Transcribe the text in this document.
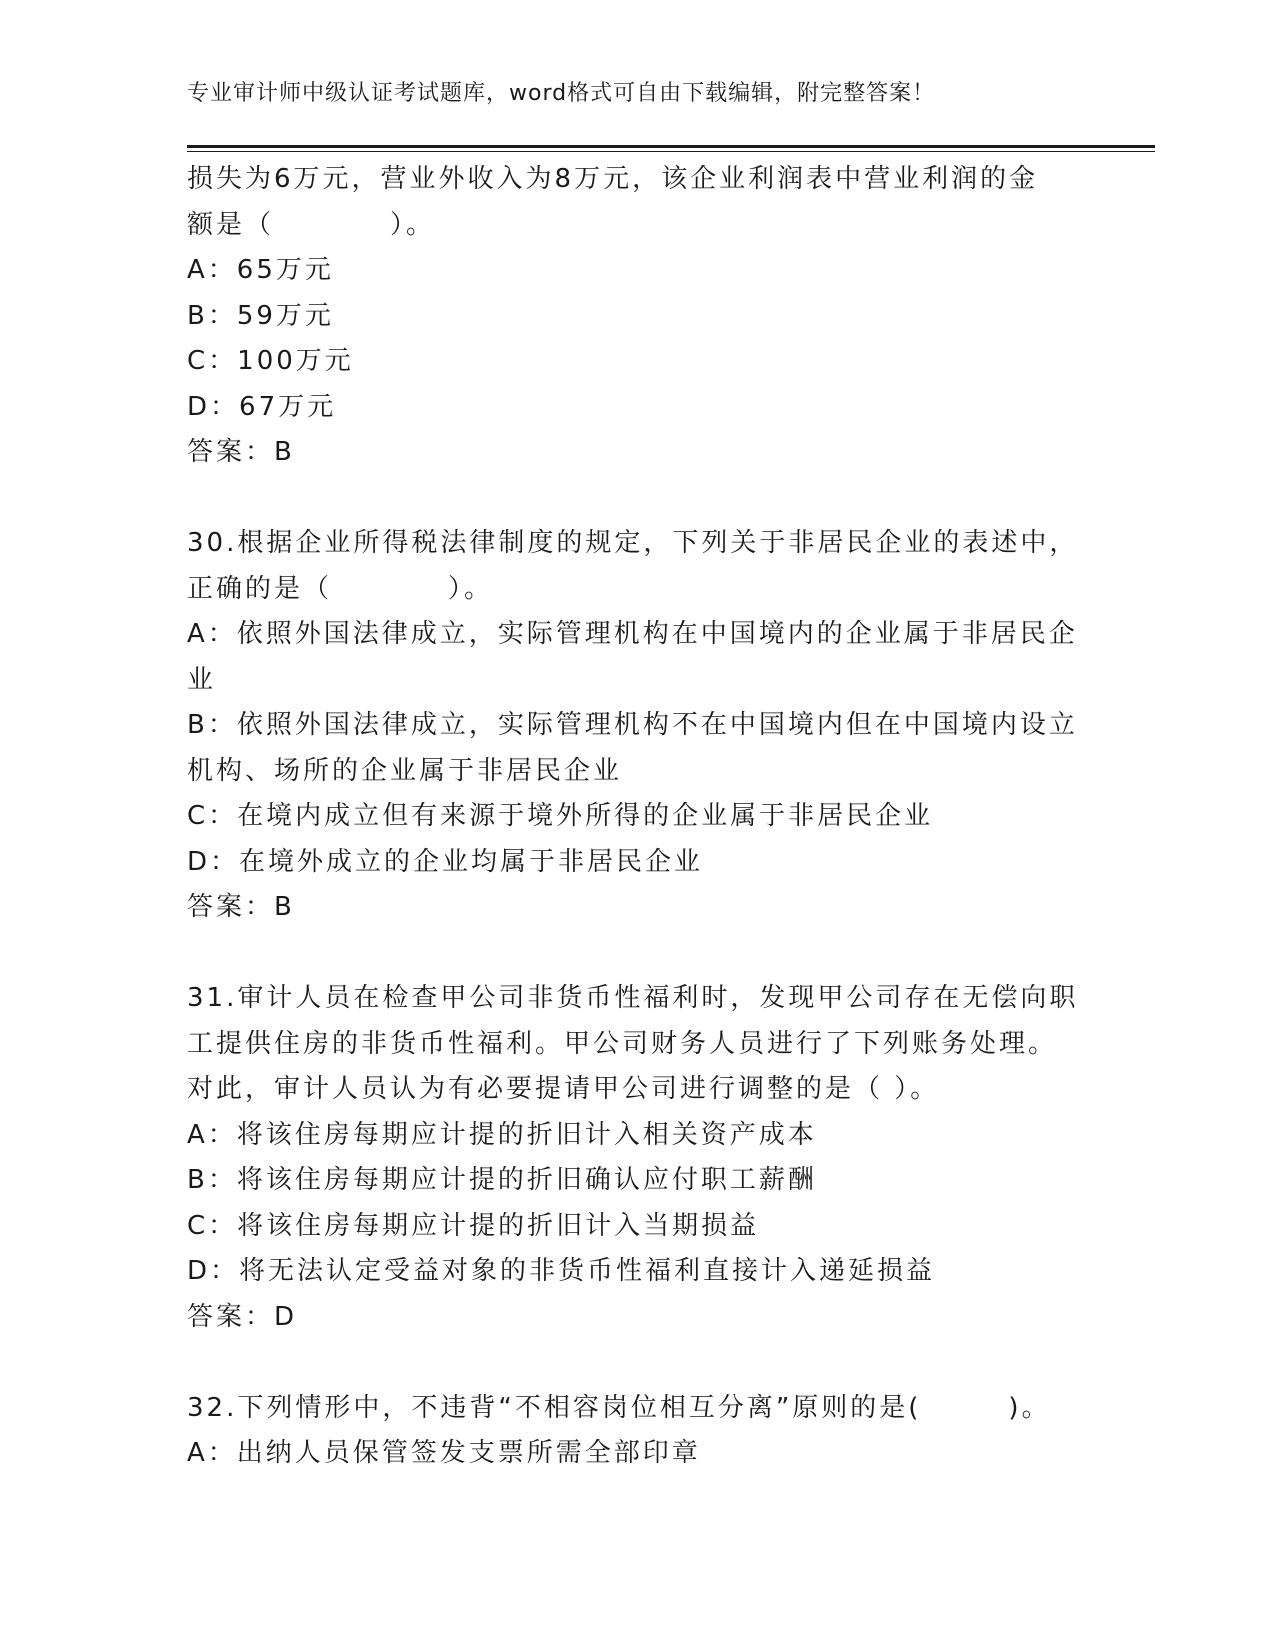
专业审计师中级认证考试题库，word格式可自由下载编辑，附完整答案！

损失为6万元，营业外收入为8万元，该企业利润表中营业利润的金

额是（　　　　）。

A：65万元

B：59万元

C：100万元

D：67万元

答案：B

30.根据企业所得税法律制度的规定，下列关于非居民企业的表述中，

正确的是（　　　　）。

A：依照外国法律成立，实际管理机构在中国境内的企业属于非居民企

业

B：依照外国法律成立，实际管理机构不在中国境内但在中国境内设立

机构、场所的企业属于非居民企业

C：在境内成立但有来源于境外所得的企业属于非居民企业

D：在境外成立的企业均属于非居民企业

答案：B

31.审计人员在检查甲公司非货币性福利时，发现甲公司存在无偿向职

工提供住房的非货币性福利。甲公司财务人员进行了下列账务处理。

对此，审计人员认为有必要提请甲公司进行调整的是（ ）。

A：将该住房每期应计提的折旧计入相关资产成本

B：将该住房每期应计提的折旧确认应付职工薪酬

C：将该住房每期应计提的折旧计入当期损益

D：将无法认定受益对象的非货币性福利直接计入递延损益

答案：D

32.下列情形中，不违背“不相容岗位相互分离”原则的是(　　　)。

A：出纳人员保管签发支票所需全部印章
